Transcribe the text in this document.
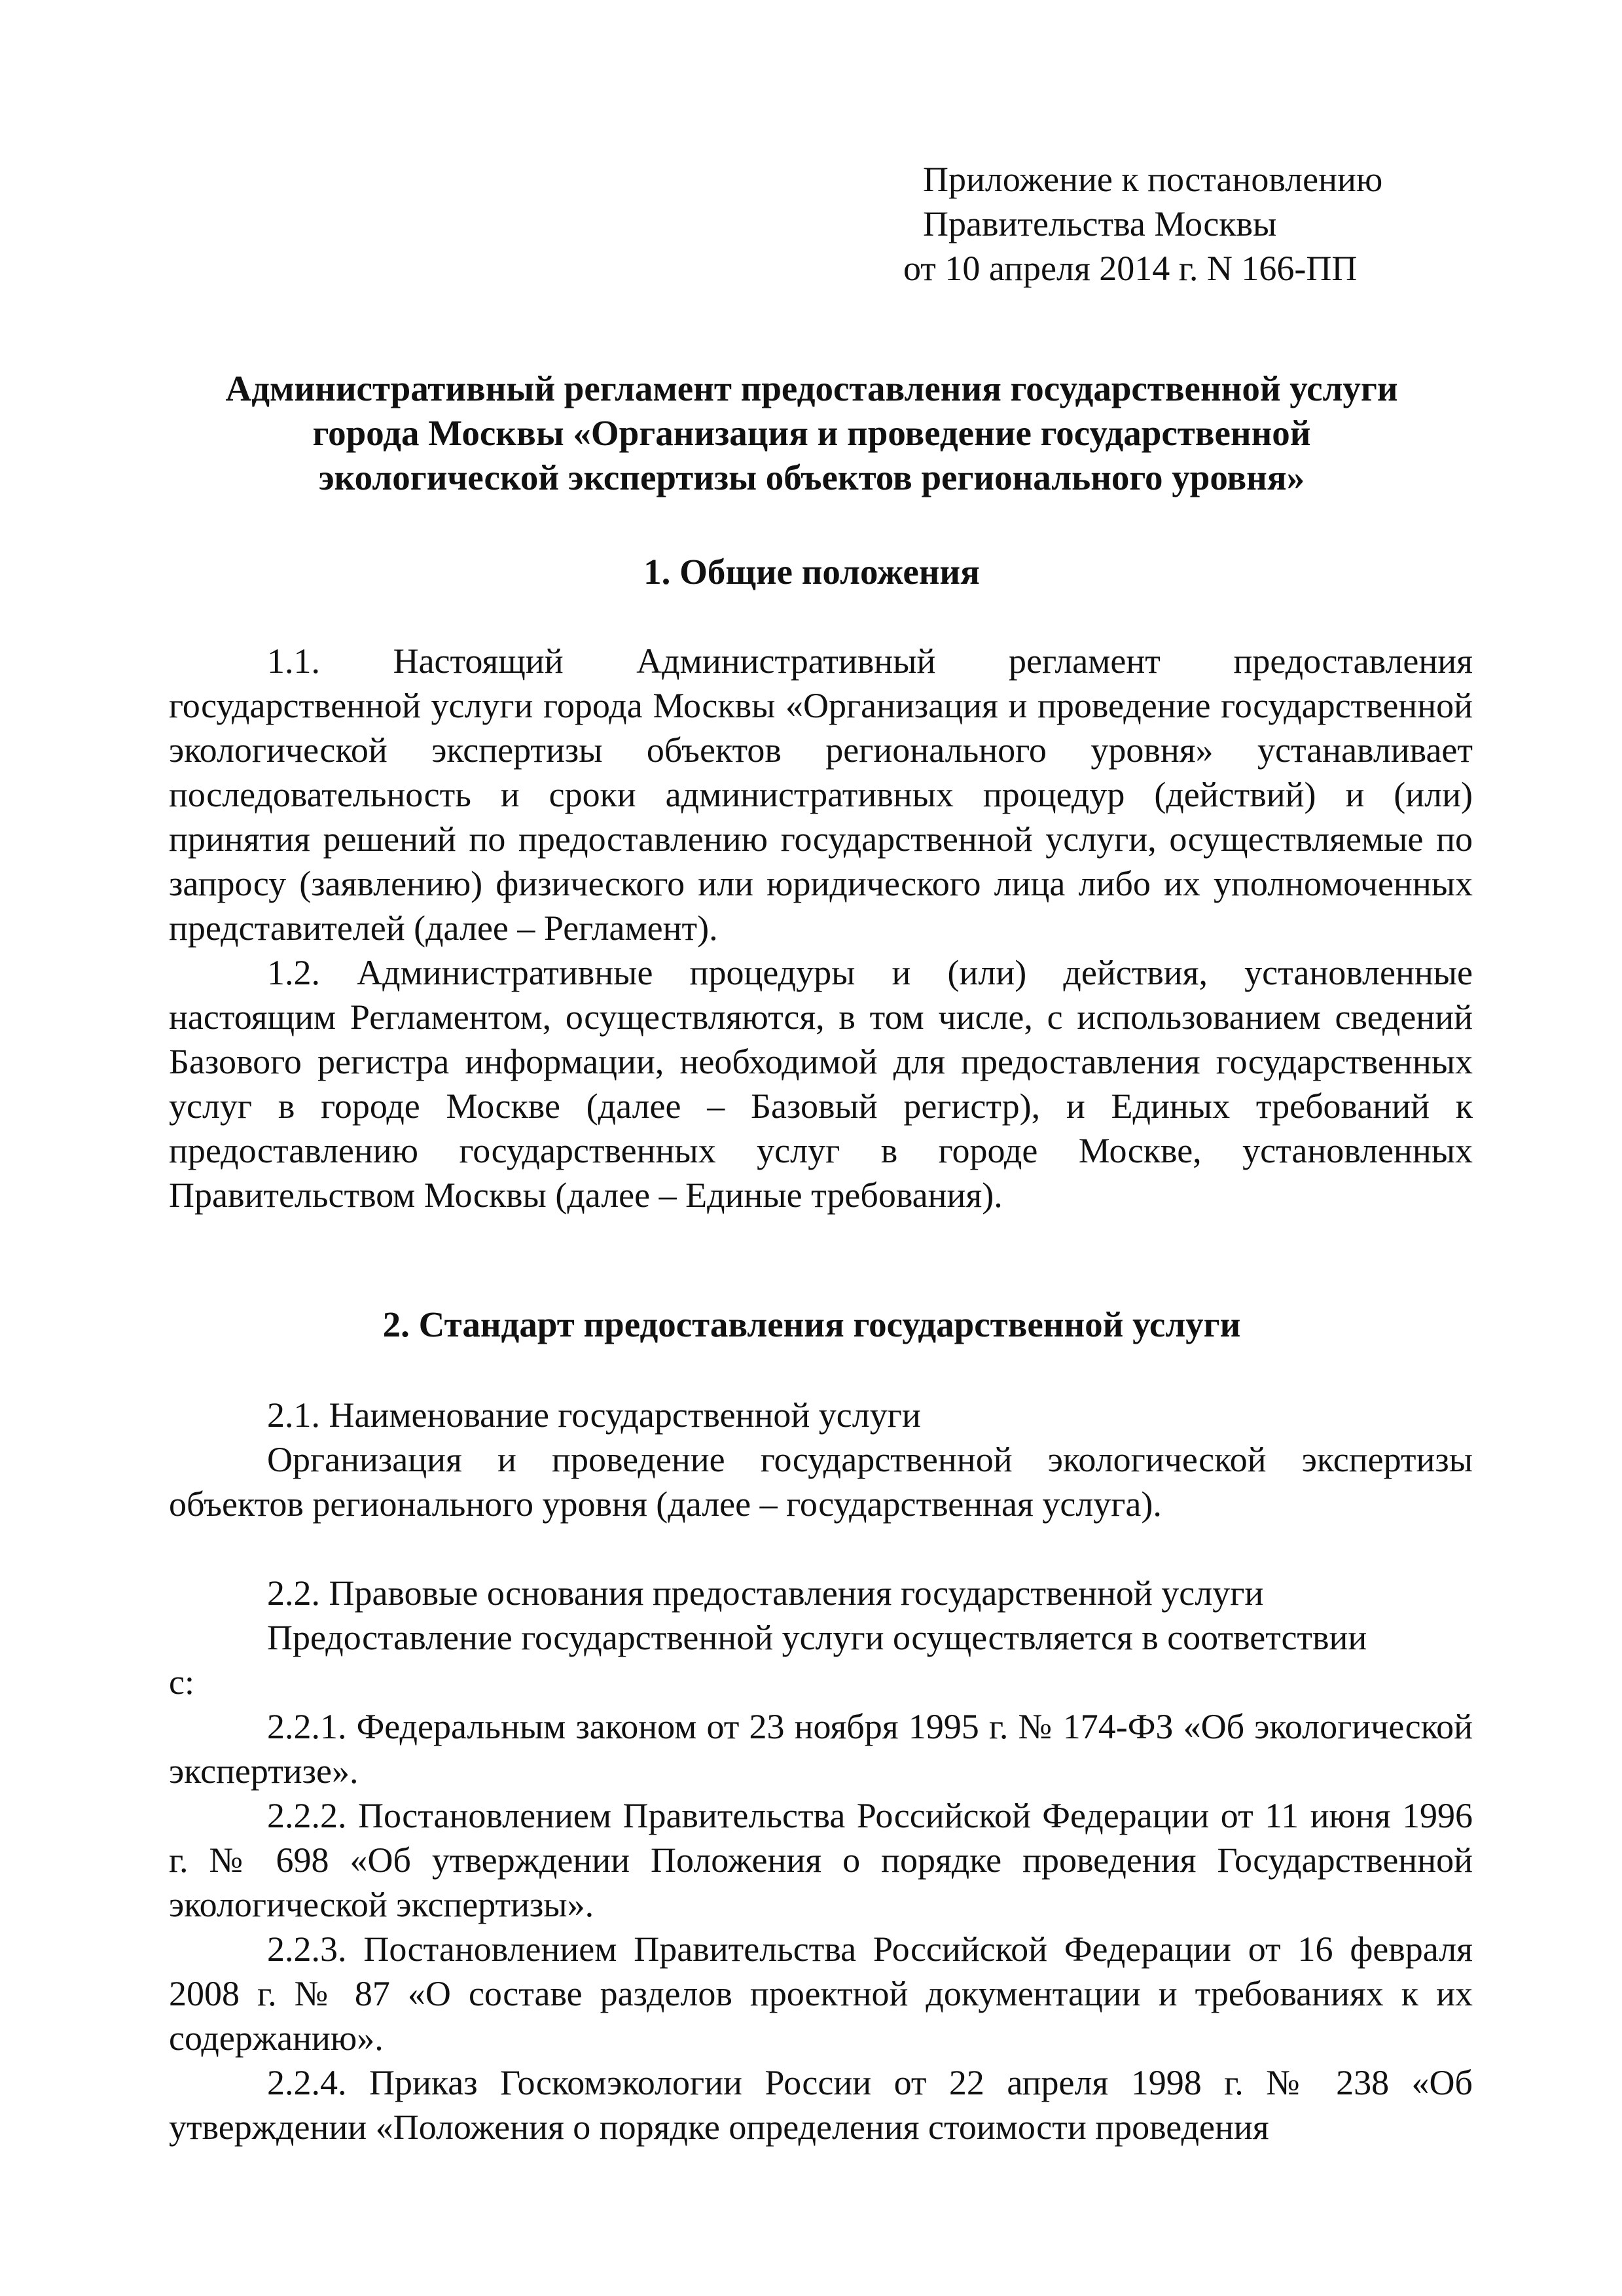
Приложение к постановлению
Правительства Москвы
от 10 апреля 2014 г. N 166-ПП
Административный регламент предоставления государственной услуги
города Москвы «Организация и проведение государственной
экологической экспертизы объектов регионального уровня»
1. Общие положения

1.1. Настоящий Административный регламент предоставления государственной услуги города Москвы «Организация и проведение государственной экологической экспертизы объектов регионального уровня» устанавливает последовательность и сроки административных процедур (действий) и (или) принятия решений по предоставлению государственной услуги, осуществляемые по запросу (заявлению) физического или юридического лица либо их уполномоченных представителей (далее – Регламент).

1.2. Административные процедуры и (или) действия, установленные настоящим Регламентом, осуществляются, в том числе, с использованием сведений Базового регистра информации, необходимой для предоставления государственных услуг в городе Москве (далее – Базовый регистр), и Единых требований к предоставлению государственных услуг в городе Москве, установленных Правительством Москвы (далее – Единые требования).

2. Стандарт предоставления государственной услуги

2.1. Наименование государственной услуги

Организация и проведение государственной экологической экспертизы объектов регионального уровня (далее – государственная услуга).

2.2. Правовые основания предоставления государственной услуги

Предоставление государственной услуги осуществляется в соответствии

с:

2.2.1. Федеральным законом от 23 ноября 1995 г. № 174-ФЗ «Об экологической экспертизе».

2.2.2. Постановлением Правительства Российской Федерации от 11 июня 1996 г. № 698 «Об утверждении Положения о порядке проведения Государственной экологической экспертизы».

2.2.3. Постановлением Правительства Российской Федерации от 16 февраля 2008 г. № 87 «О составе разделов проектной документации и требованиях к их содержанию».

2.2.4. Приказ Госкомэкологии России от 22 апреля 1998 г. № 238 «Об утверждении «Положения о порядке определения стоимости проведения
